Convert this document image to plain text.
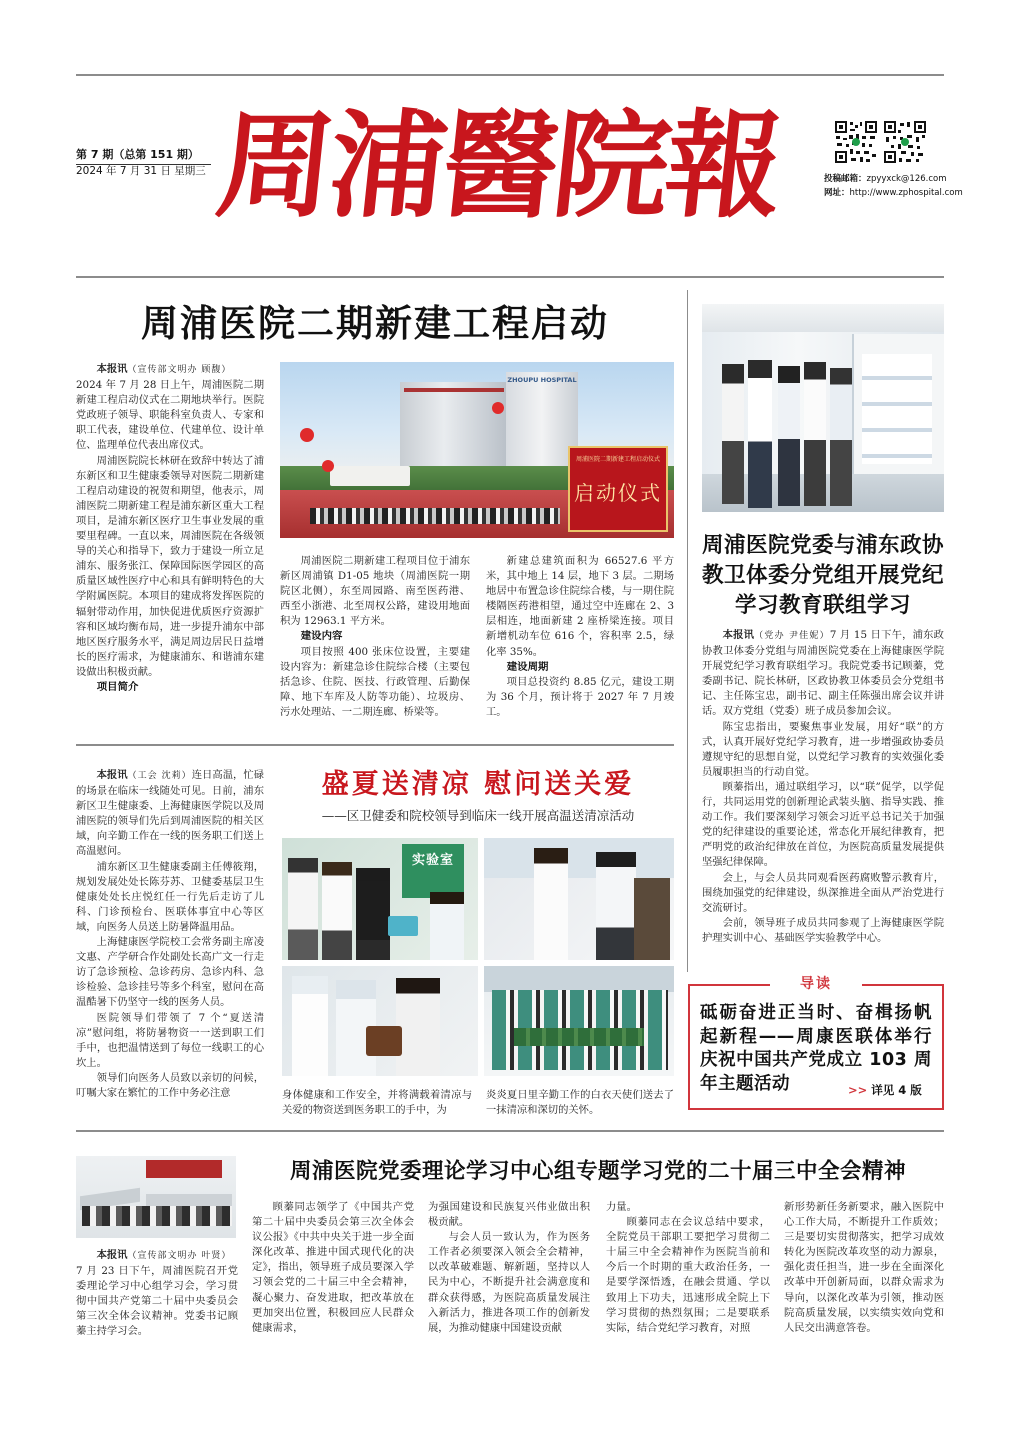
第 7 期（总第 151 期）
2024 年 7 月 31 日 星期三 周浦醫院報	投稿邮箱：zpyyxck@126.com
网址：http://www.zphospital.com
周浦医院二期新建工程启动

本报讯（宣传部文明办 顾馥）

2024 年 7 月 28 日上午，周浦医院二期新建工程启动仪式在二期地块举行。医院党政班子领导、职能科室负责人、专家和职工代表，建设单位、代建单位、设计单位、监理单位代表出席仪式。

周浦医院院长林研在致辞中转达了浦东新区和卫生健康委领导对医院二期新建工程启动建设的祝贺和期望，他表示，周浦医院二期新建工程是浦东新区重大工程项目，是浦东新区医疗卫生事业发展的重要里程碑。一直以来，周浦医院在各级领导的关心和指导下，致力于建设一所立足浦东、服务张江、保障国际医学园区的高质量区域性医疗中心和具有鲜明特色的大学附属医院。本项目的建成将发挥医院的辐射带动作用，加快促进优质医疗资源扩容和区域均衡布局，进一步提升浦东中部地区医疗服务水平，满足周边居民日益增长的医疗需求，为健康浦东、和谐浦东建设做出积极贡献。

项目简介
ZHOUPU HOSPITAL
周浦医院二期新建工程启动仪式
启动仪式

周浦医院二期新建工程项目位于浦东新区周浦镇 D1-05 地块（周浦医院一期院区北侧），东至周园路、南至医药港、西至小浙港、北至周权公路，建设用地面积为 12963.1 平方米。

建设内容

项目按照 400 张床位设置，主要建设内容为：新建急诊住院综合楼（主要包括急诊、住院、医技、行政管理、后勤保障、地下车库及人防等功能）、垃圾房、污水处理站、一二期连廊、桥梁等。

新建总建筑面积为 66527.6 平方米，其中地上 14 层，地下 3 层。二期场地居中布置急诊住院综合楼，与一期住院楼隔医药港相望，通过空中连廊在 2、3 层相连，地面新建 2 座桥梁连接。项目新增机动车位 616 个，容积率 2.5，绿化率 35%。

建设周期

项目总投资约 8.85 亿元，建设工期为 36 个月，预计将于 2027 年 7 月竣工。

周浦医院党委与浦东政协教卫体委分党组开展党纪学习教育联组学习

本报讯（党办 尹佳妮）7 月 15 日下午，浦东政协教卫体委分党组与周浦医院党委在上海健康医学院开展党纪学习教育联组学习。我院党委书记顾蓁，党委副书记、院长林研，区政协教卫体委员会分党组书记、主任陈宝忠，副书记、副主任陈强出席会议并讲话。双方党组（党委）班子成员参加会议。

陈宝忠指出，要聚焦事业发展，用好“联”的方式，认真开展好党纪学习教育，进一步增强政协委员遵规守纪的思想自觉，以党纪学习教育的实效强化委员履职担当的行动自觉。

顾蓁指出，通过联组学习，以“联”促学，以学促行，共同运用党的创新理论武装头脑、指导实践、推动工作。我们要深刻学习领会习近平总书记关于加强党的纪律建设的重要论述，常态化开展纪律教育，把严明党的政治纪律放在首位，为医院高质量发展提供坚强纪律保障。

会上，与会人员共同观看医药腐败警示教育片，围绕加强党的纪律建设，纵深推进全面从严治党进行交流研讨。

会前，领导班子成员共同参观了上海健康医学院护理实训中心、基础医学实验教学中心。

导读
砥砺奋进正当时、奋楫扬帆起新程——周康医联体举行庆祝中国共产党成立 103 周年主题活动	>> 详见 4 版

本报讯（工会 沈莉）连日高温，忙碌的场景在临床一线随处可见。日前，浦东新区卫生健康委、上海健康医学院以及周浦医院的领导们先后到周浦医院的相关区域，向辛勤工作在一线的医务职工们送上高温慰问。

浦东新区卫生健康委副主任傅筱翔，规划发展处处长陈芬苏、卫健委基层卫生健康处处长庄悦红任一行先后走访了儿科、门诊预检台、医联体事宜中心等区域，向医务人员送上防暑降温用品。

上海健康医学院校工会常务副主席凌文惠、产学研合作处副处长高广文一行走访了急诊预检、急诊药房、急诊内科、急诊检验、急诊挂号等多个科室，慰问在高温酷暑下仍坚守一线的医务人员。

医院领导们带领了 7 个“夏送清凉”慰问组，将防暑物资一一送到职工们手中，也把温情送到了每位一线职工的心坎上。

领导们向医务人员致以亲切的问候，叮嘱大家在繁忙的工作中务必注意

盛夏送清凉 慰问送关爱
——区卫健委和院校领导到临床一线开展高温送清凉活动
实验室
身体健康和工作安全，并将满载着清凉与关爱的物资送到医务职工的手中，为
炎炎夏日里辛勤工作的白衣天使们送去了一抹清凉和深切的关怀。
周浦医院党委理论学习中心组专题学习党的二十届三中全会精神

本报讯（宣传部文明办 叶贤）

7 月 23 日下午，周浦医院召开党委理论学习中心组学习会，学习贯彻中国共产党第二十届中央委员会第三次全体会议精神。党委书记顾蓁主持学习会。

顾蓁同志领学了《中国共产党第二十届中央委员会第三次全体会议公报》《中共中央关于进一步全面深化改革、推进中国式现代化的决定》，指出，领导班子成员要深入学习领会党的二十届三中全会精神，凝心聚力、奋发进取，把改革放在更加突出位置，积极回应人民群众健康需求，

为强国建设和民族复兴伟业做出积极贡献。

与会人员一致认为，作为医务工作者必须要深入领会全会精神，以改革破难题、解新题，坚持以人民为中心，不断提升社会满意度和群众获得感，为医院高质量发展注入新活力，推进各项工作的创新发展，为推动健康中国建设贡献

力量。

顾蓁同志在会议总结中要求，全院党员干部职工要把学习贯彻二十届三中全会精神作为医院当前和今后一个时期的重大政治任务，一是要学深悟透，在融会贯通、学以致用上下功夫，迅速形成全院上下学习贯彻的热烈氛围；二是要联系实际，结合党纪学习教育，对照

新形势新任务新要求，融入医院中心工作大局，不断提升工作质效；三是要切实贯彻落实，把学习成效转化为医院改革攻坚的动力源泉，强化责任担当，进一步在全面深化改革中开创新局面，以群众需求为导向，以深化改革为引领，推动医院高质量发展，以实绩实效向党和人民交出满意答卷。
